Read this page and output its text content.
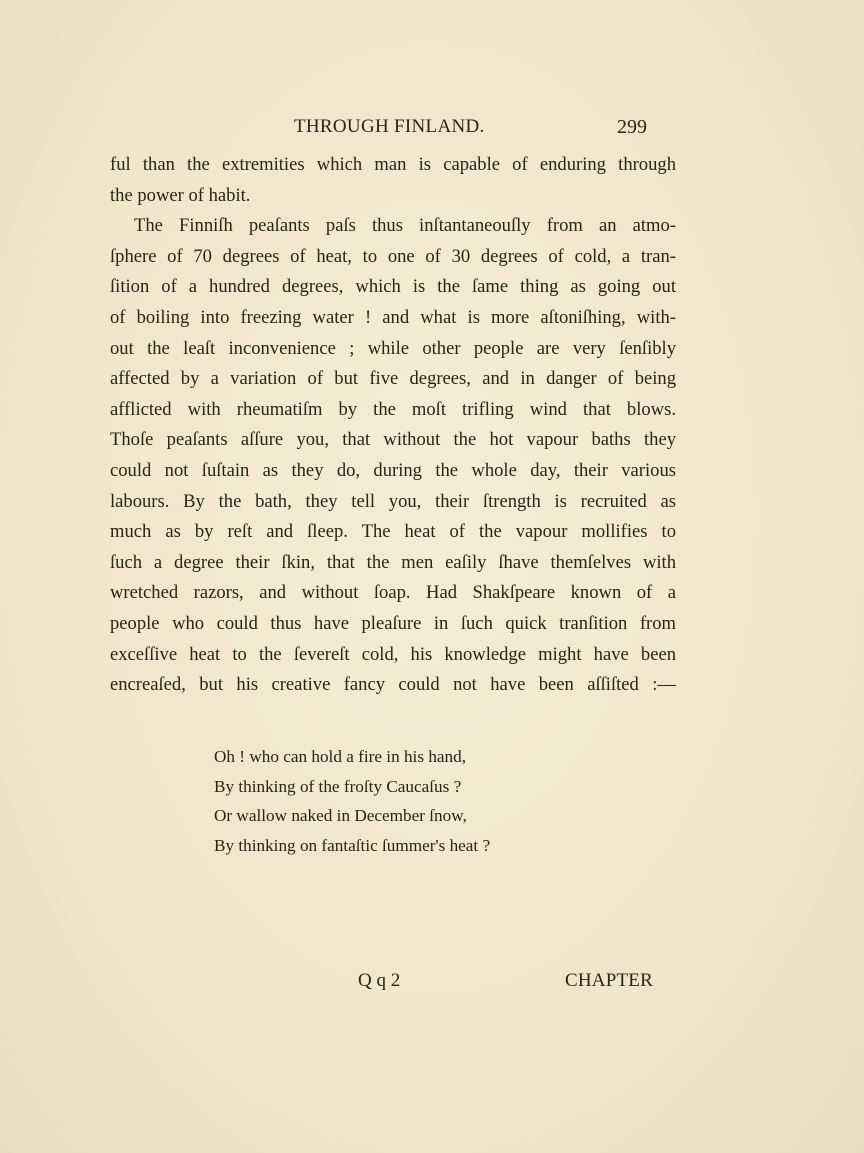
THROUGH FINLAND.	299
ful than the extremities which man is capable of enduring through
the power of habit.
The Finniſh peaſants paſs thus inſtantaneouſly from an atmo-
ſphere of 70 degrees of heat, to one of 30 degrees of cold, a tran-
ſition of a hundred degrees, which is the ſame thing as going out
of boiling into freezing water ! and what is more aſtoniſhing, with-
out the leaſt inconvenience ; while other people are very ſenſibly
affected by a variation of but five degrees, and in danger of being
afflicted with rheumatiſm by the moſt trifling wind that blows.
Thoſe peaſants aſſure you, that without the hot vapour baths they
could not ſuſtain as they do, during the whole day, their various
labours. By the bath, they tell you, their ſtrength is recruited as
much as by reſt and ſleep. The heat of the vapour mollifies to
ſuch a degree their ſkin, that the men eaſily ſhave themſelves with
wretched razors, and without ſoap. Had Shakſpeare known of a
people who could thus have pleaſure in ſuch quick tranſition from
exceſſive heat to the ſevereſt cold, his knowledge might have been
encreaſed, but his creative fancy could not have been aſſiſted :—
Oh ! who can hold a fire in his hand,
By thinking of the froſty Caucaſus ?
Or wallow naked in December ſnow,
By thinking on fantaſtic ſummer's heat ?
Q q 2	CHAPTER
